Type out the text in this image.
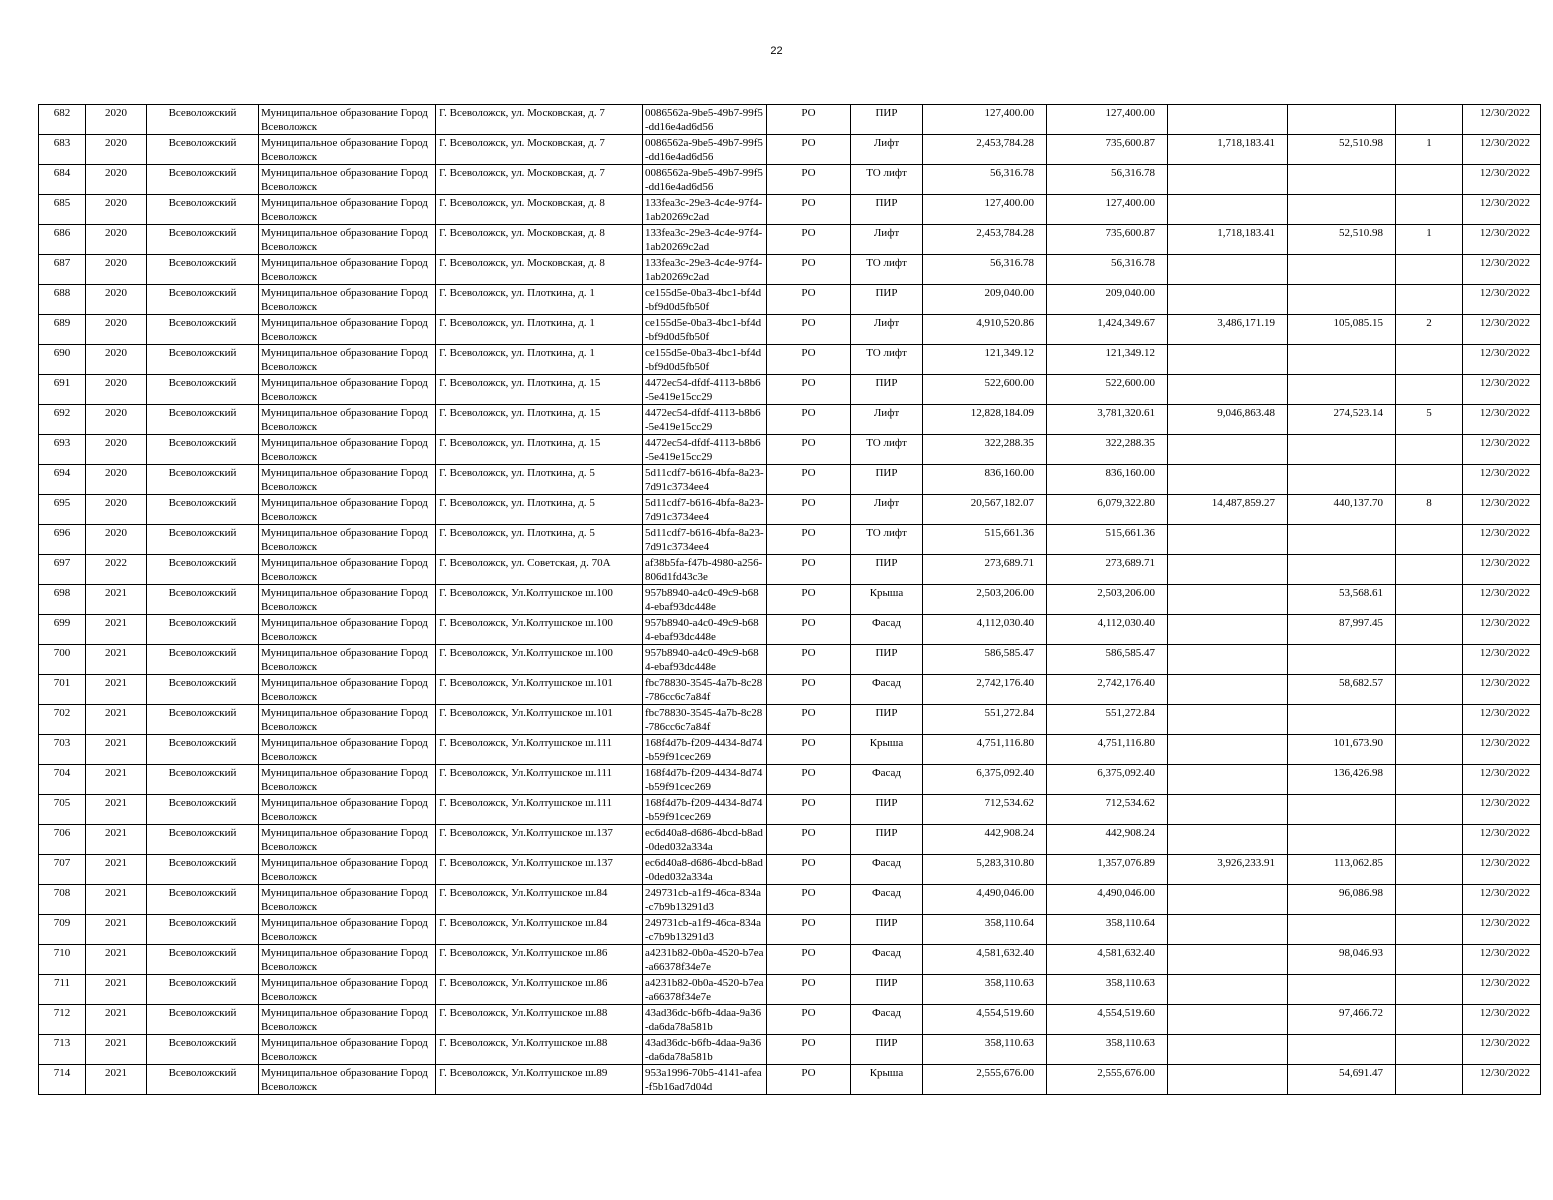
22
682	2020	Всеволожский	Муниципальное образование Город Всеволожск	Г. Всеволожск, ул. Московская, д. 7	0086562a-9be5-49b7-99f5-dd16e4ad6d56	РО	ПИР	127,400.00	127,400.00				12/30/2022
683	2020	Всеволожский	Муниципальное образование Город Всеволожск	Г. Всеволожск, ул. Московская, д. 7	0086562a-9be5-49b7-99f5-dd16e4ad6d56	РО	Лифт	2,453,784.28	735,600.87	1,718,183.41	52,510.98	1	12/30/2022
684	2020	Всеволожский	Муниципальное образование Город Всеволожск	Г. Всеволожск, ул. Московская, д. 7	0086562a-9be5-49b7-99f5-dd16e4ad6d56	РО	ТО лифт	56,316.78	56,316.78				12/30/2022
685	2020	Всеволожский	Муниципальное образование Город Всеволожск	Г. Всеволожск, ул. Московская, д. 8	133fea3c-29e3-4c4e-97f4-1ab20269c2ad	РО	ПИР	127,400.00	127,400.00				12/30/2022
686	2020	Всеволожский	Муниципальное образование Город Всеволожск	Г. Всеволожск, ул. Московская, д. 8	133fea3c-29e3-4c4e-97f4-1ab20269c2ad	РО	Лифт	2,453,784.28	735,600.87	1,718,183.41	52,510.98	1	12/30/2022
687	2020	Всеволожский	Муниципальное образование Город Всеволожск	Г. Всеволожск, ул. Московская, д. 8	133fea3c-29e3-4c4e-97f4-1ab20269c2ad	РО	ТО лифт	56,316.78	56,316.78				12/30/2022
688	2020	Всеволожский	Муниципальное образование Город Всеволожск	Г. Всеволожск, ул. Плоткина, д. 1	ce155d5e-0ba3-4bc1-bf4d-bf9d0d5fb50f	РО	ПИР	209,040.00	209,040.00				12/30/2022
689	2020	Всеволожский	Муниципальное образование Город Всеволожск	Г. Всеволожск, ул. Плоткина, д. 1	ce155d5e-0ba3-4bc1-bf4d-bf9d0d5fb50f	РО	Лифт	4,910,520.86	1,424,349.67	3,486,171.19	105,085.15	2	12/30/2022
690	2020	Всеволожский	Муниципальное образование Город Всеволожск	Г. Всеволожск, ул. Плоткина, д. 1	ce155d5e-0ba3-4bc1-bf4d-bf9d0d5fb50f	РО	ТО лифт	121,349.12	121,349.12				12/30/2022
691	2020	Всеволожский	Муниципальное образование Город Всеволожск	Г. Всеволожск, ул. Плоткина, д. 15	4472ec54-dfdf-4113-b8b6-5e419e15cc29	РО	ПИР	522,600.00	522,600.00				12/30/2022
692	2020	Всеволожский	Муниципальное образование Город Всеволожск	Г. Всеволожск, ул. Плоткина, д. 15	4472ec54-dfdf-4113-b8b6-5e419e15cc29	РО	Лифт	12,828,184.09	3,781,320.61	9,046,863.48	274,523.14	5	12/30/2022
693	2020	Всеволожский	Муниципальное образование Город Всеволожск	Г. Всеволожск, ул. Плоткина, д. 15	4472ec54-dfdf-4113-b8b6-5e419e15cc29	РО	ТО лифт	322,288.35	322,288.35				12/30/2022
694	2020	Всеволожский	Муниципальное образование Город Всеволожск	Г. Всеволожск, ул. Плоткина, д. 5	5d11cdf7-b616-4bfa-8a23-7d91c3734ee4	РО	ПИР	836,160.00	836,160.00				12/30/2022
695	2020	Всеволожский	Муниципальное образование Город Всеволожск	Г. Всеволожск, ул. Плоткина, д. 5	5d11cdf7-b616-4bfa-8a23-7d91c3734ee4	РО	Лифт	20,567,182.07	6,079,322.80	14,487,859.27	440,137.70	8	12/30/2022
696	2020	Всеволожский	Муниципальное образование Город Всеволожск	Г. Всеволожск, ул. Плоткина, д. 5	5d11cdf7-b616-4bfa-8a23-7d91c3734ee4	РО	ТО лифт	515,661.36	515,661.36				12/30/2022
697	2022	Всеволожский	Муниципальное образование Город Всеволожск	Г. Всеволожск, ул. Советская, д. 70А	af38b5fa-f47b-4980-a256-806d1fd43c3e	РО	ПИР	273,689.71	273,689.71				12/30/2022
698	2021	Всеволожский	Муниципальное образование Город Всеволожск	Г. Всеволожск, Ул.Колтушское ш.100	957b8940-a4c0-49c9-b684-ebaf93dc448e	РО	Крыша	2,503,206.00	2,503,206.00		53,568.61		12/30/2022
699	2021	Всеволожский	Муниципальное образование Город Всеволожск	Г. Всеволожск, Ул.Колтушское ш.100	957b8940-a4c0-49c9-b684-ebaf93dc448e	РО	Фасад	4,112,030.40	4,112,030.40		87,997.45		12/30/2022
700	2021	Всеволожский	Муниципальное образование Город Всеволожск	Г. Всеволожск, Ул.Колтушское ш.100	957b8940-a4c0-49c9-b684-ebaf93dc448e	РО	ПИР	586,585.47	586,585.47				12/30/2022
701	2021	Всеволожский	Муниципальное образование Город Всеволожск	Г. Всеволожск, Ул.Колтушское ш.101	fbc78830-3545-4a7b-8c28-786cc6c7a84f	РО	Фасад	2,742,176.40	2,742,176.40		58,682.57		12/30/2022
702	2021	Всеволожский	Муниципальное образование Город Всеволожск	Г. Всеволожск, Ул.Колтушское ш.101	fbc78830-3545-4a7b-8c28-786cc6c7a84f	РО	ПИР	551,272.84	551,272.84				12/30/2022
703	2021	Всеволожский	Муниципальное образование Город Всеволожск	Г. Всеволожск, Ул.Колтушское ш.111	168f4d7b-f209-4434-8d74-b59f91cec269	РО	Крыша	4,751,116.80	4,751,116.80		101,673.90		12/30/2022
704	2021	Всеволожский	Муниципальное образование Город Всеволожск	Г. Всеволожск, Ул.Колтушское ш.111	168f4d7b-f209-4434-8d74-b59f91cec269	РО	Фасад	6,375,092.40	6,375,092.40		136,426.98		12/30/2022
705	2021	Всеволожский	Муниципальное образование Город Всеволожск	Г. Всеволожск, Ул.Колтушское ш.111	168f4d7b-f209-4434-8d74-b59f91cec269	РО	ПИР	712,534.62	712,534.62				12/30/2022
706	2021	Всеволожский	Муниципальное образование Город Всеволожск	Г. Всеволожск, Ул.Колтушское ш.137	ec6d40a8-d686-4bcd-b8ad-0ded032a334a	РО	ПИР	442,908.24	442,908.24				12/30/2022
707	2021	Всеволожский	Муниципальное образование Город Всеволожск	Г. Всеволожск, Ул.Колтушское ш.137	ec6d40a8-d686-4bcd-b8ad-0ded032a334a	РО	Фасад	5,283,310.80	1,357,076.89	3,926,233.91	113,062.85		12/30/2022
708	2021	Всеволожский	Муниципальное образование Город Всеволожск	Г. Всеволожск, Ул.Колтушское ш.84	249731cb-a1f9-46ca-834a-c7b9b13291d3	РО	Фасад	4,490,046.00	4,490,046.00		96,086.98		12/30/2022
709	2021	Всеволожский	Муниципальное образование Город Всеволожск	Г. Всеволожск, Ул.Колтушское ш.84	249731cb-a1f9-46ca-834a-c7b9b13291d3	РО	ПИР	358,110.64	358,110.64				12/30/2022
710	2021	Всеволожский	Муниципальное образование Город Всеволожск	Г. Всеволожск, Ул.Колтушское ш.86	a4231b82-0b0a-4520-b7ea-a66378f34e7e	РО	Фасад	4,581,632.40	4,581,632.40		98,046.93		12/30/2022
711	2021	Всеволожский	Муниципальное образование Город Всеволожск	Г. Всеволожск, Ул.Колтушское ш.86	a4231b82-0b0a-4520-b7ea-a66378f34e7e	РО	ПИР	358,110.63	358,110.63				12/30/2022
712	2021	Всеволожский	Муниципальное образование Город Всеволожск	Г. Всеволожск, Ул.Колтушское ш.88	43ad36dc-b6fb-4daa-9a36-da6da78a581b	РО	Фасад	4,554,519.60	4,554,519.60		97,466.72		12/30/2022
713	2021	Всеволожский	Муниципальное образование Город Всеволожск	Г. Всеволожск, Ул.Колтушское ш.88	43ad36dc-b6fb-4daa-9a36-da6da78a581b	РО	ПИР	358,110.63	358,110.63				12/30/2022
714	2021	Всеволожский	Муниципальное образование Город Всеволожск	Г. Всеволожск, Ул.Колтушское ш.89	953a1996-70b5-4141-afea-f5b16ad7d04d	РО	Крыша	2,555,676.00	2,555,676.00		54,691.47		12/30/2022
